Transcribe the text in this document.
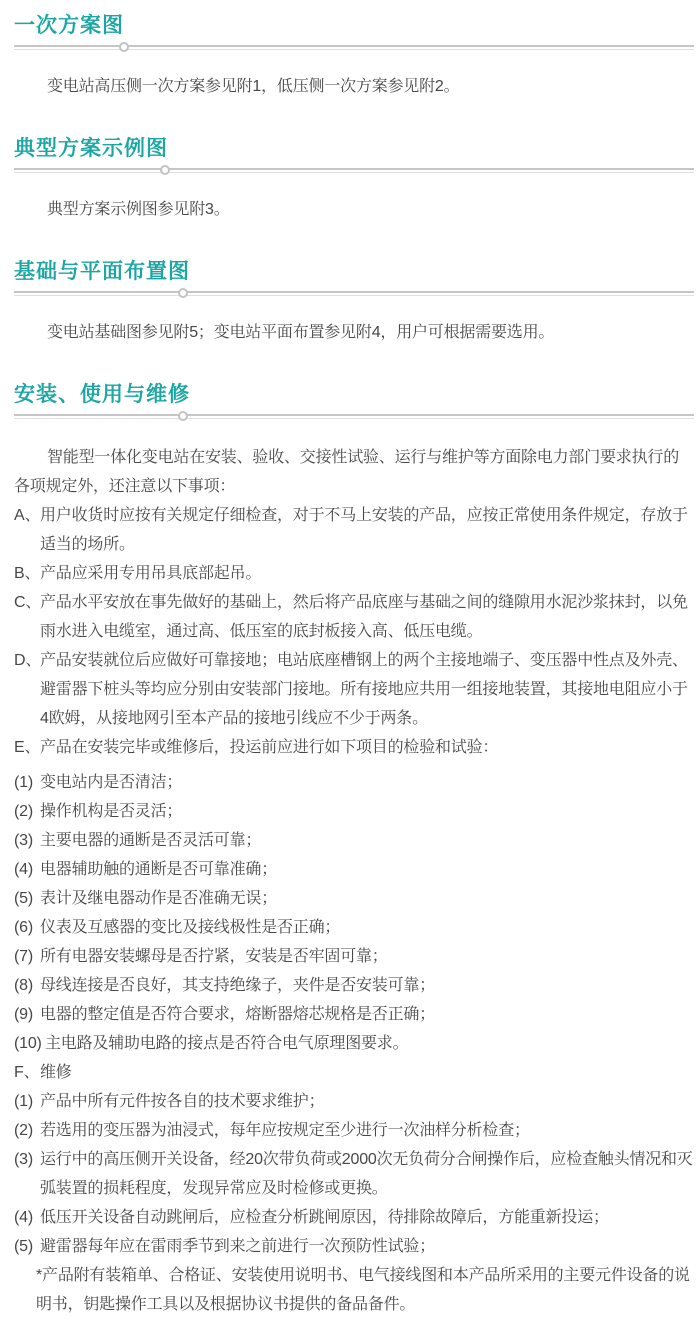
一次方案图

变电站高压侧一次方案参见附1，低压侧一次方案参见附2。

典型方案示例图

典型方案示例图参见附3。

基础与平面布置图

变电站基础图参见附5；变电站平面布置参见附4，用户可根据需要选用。

安装、使用与维修

智能型一体化变电站在安装、验收、交接性试验、运行与维护等方面除电力部门要求执行的各项规定外，还注意以下事项：

A、 用户收货时应按有关规定仔细检查，对于不马上安装的产品，应按正常使用条件规定，存放于适当的场所。

B、 产品应采用专用吊具底部起吊。

C、
产品水平安放在事先做好的基础上，然后将产品底座与基础之间的缝隙用水泥沙浆抹封，以免雨水进入电缆室，通过高、低压室的底封板接入高、低压电缆。

D、
产品安装就位后应做好可靠接地；电站底座槽钢上的两个主接地端子、变压器中性点及外壳、避雷器下桩头等均应分别由安装部门接地。所有接地应共用一组接地装置，其接地电阻应小于4欧姆，从接地网引至本产品的接地引线应不少于两条。

E、 产品在安装完毕或维修后，投运前应进行如下项目的检验和试验：

(1) 变电站内是否清洁；

(2) 操作机构是否灵活；

(3) 主要电器的通断是否灵活可靠；

(4) 电器辅助触的通断是否可靠准确；

(5) 表计及继电器动作是否准确无误；

(6) 仪表及互感器的变比及接线极性是否正确；

(7) 所有电器安装螺母是否拧紧，安装是否牢固可靠；

(8) 母线连接是否良好，其支持绝缘子，夹件是否安装可靠；

(9) 电器的整定值是否符合要求，熔断器熔芯规格是否正确；

(10) 主电路及辅助电路的接点是否符合电气原理图要求。

F、 维修

(1) 产品中所有元件按各自的技术要求维护；

(2) 若选用的变压器为油浸式，每年应按规定至少进行一次油样分析检查；

(3) 运行中的高压侧开关设备，经20次带负荷或2000次无负荷分合闸操作后，应检查触头情况和灭弧装置的损耗程度，发现异常应及时检修或更换。

(4) 低压开关设备自动跳闸后，应检查分析跳闸原因，待排除故障后，方能重新投运；

(5) 避雷器每年应在雷雨季节到来之前进行一次预防性试验；

*产品附有装箱单、合格证、安装使用说明书、电气接线图和本产品所采用的主要元件设备的说明书，钥匙操作工具以及根据协议书提供的备品备件。
